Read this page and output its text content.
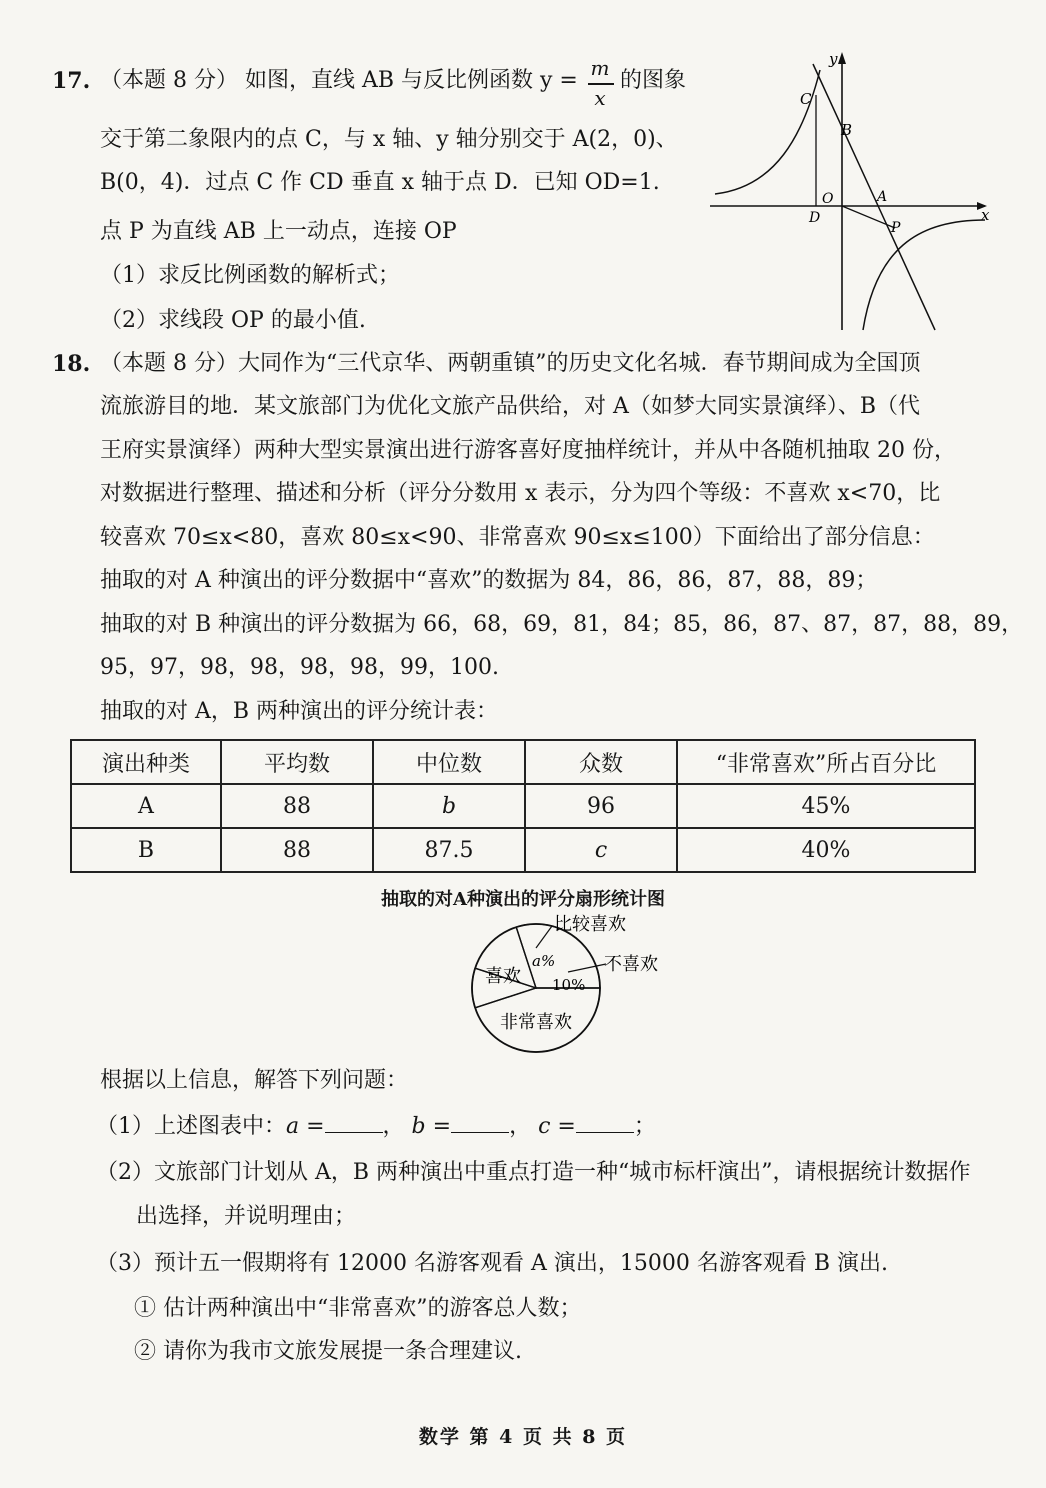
17. （本题 8 分） 如图，直线 AB 与反比例函数 y = m
x
的图象
交于第二象限内的点 C，与 x 轴、y 轴分别交于 A(2，0)、
B(0，4)．过点 C 作 CD 垂直 x 轴于点 D．已知 OD=1.
点 P 为直线 AB 上一动点，连接 OP
（1）求反比例函数的解析式；
（2）求线段 OP 的最小值.
y
x
C
B
O	A
D
P
18. （本题 8 分）大同作为“三代京华、两朝重镇”的历史文化名城．春节期间成为全国顶
流旅游目的地．某文旅部门为优化文旅产品供给，对 A（如梦大同实景演绎）、B（代
王府实景演绎）两种大型实景演出进行游客喜好度抽样统计，并从中各随机抽取 20 份，
对数据进行整理、描述和分析（评分分数用 x 表示，分为四个等级：不喜欢 x<70，比
较喜欢 70≤x<80，喜欢 80≤x<90、非常喜欢 90≤x≤100）下面给出了部分信息：
抽取的对 A 种演出的评分数据中“喜欢”的数据为 84，86，86，87，88，89；
抽取的对 B 种演出的评分数据为 66，68，69，81，84；85，86，87、87，87，88，89，
95，97，98，98，98，98，99，100.
抽取的对 A，B 两种演出的评分统计表：
演出种类	平均数	中位数	众数	“非常喜欢”所占百分比
A	88	b	96	45%
B	88	87.5	c	40%
抽取的对A种演出的评分扇形统计图
比较喜欢
喜欢
a%
10%
不喜欢
非常喜欢
根据以上信息，解答下列问题：
（1）上述图表中：a =	， b =	， c =	；
（2）文旅部门计划从 A，B 两种演出中重点打造一种“城市标杆演出”，请根据统计数据作
出选择，并说明理由；
（3）预计五一假期将有 12000 名游客观看 A 演出，15000 名游客观看 B 演出.
① 估计两种演出中“非常喜欢”的游客总人数；
② 请你为我市文旅发展提一条合理建议.
数学 第 4 页 共 8 页
